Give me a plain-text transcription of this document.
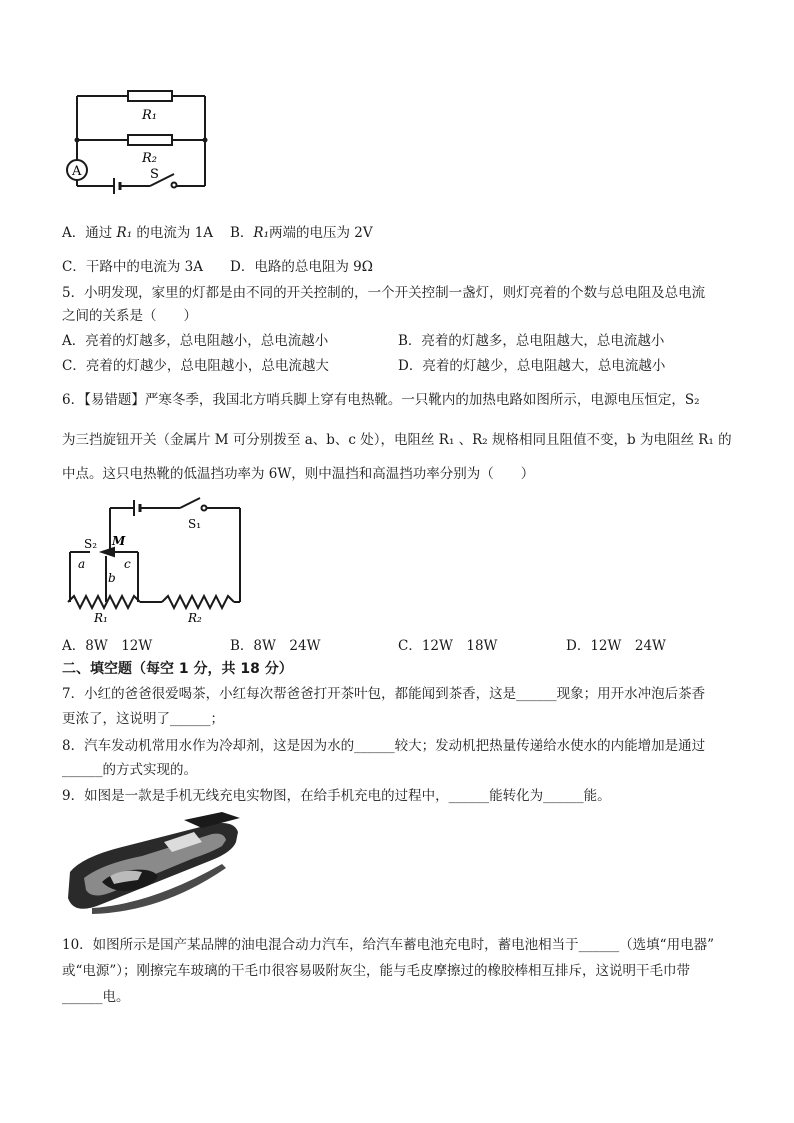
R₁
R₂
A	S
A．通过 R₁ 的电流为 1A B．R₁两端的电压为 2V
C．干路中的电流为 3A D．电路的总电阻为 9Ω
5．小明发现，家里的灯都是由不同的开关控制的，一个开关控制一盏灯，则灯亮着的个数与总电阻及总电流
之间的关系是（　　）
A．亮着的灯越多，总电阻越小，总电流越小	B．亮着的灯越多，总电阻越大，总电流越小
C．亮着的灯越少，总电阻越小，总电流越大	D．亮着的灯越少，总电阻越大，总电流越小
6．【易错题】严寒冬季，我国北方哨兵脚上穿有电热靴。一只靴内的加热电路如图所示，电源电压恒定，S₂
为三挡旋钮开关（金属片 M 可分别拨至 a、b、c 处），电阻丝 R₁ 、R₂ 规格相同且阻值不变，b 为电阻丝 R₁ 的
中点。这只电热靴的低温挡功率为 6W，则中温挡和高温挡功率分别为（　　）
S₁
S₂ M
a
b
c
R₁	R₂
A．8W　12W	B．8W　24W	C．12W　18W	D．12W　24W
二、填空题（每空 1 分，共 18 分）
7．小红的爸爸很爱喝茶，小红每次帮爸爸打开茶叶包，都能闻到茶香，这是______现象；用开水冲泡后茶香
更浓了，这说明了______；
8．汽车发动机常用水作为冷却剂，这是因为水的______较大；发动机把热量传递给水使水的内能增加是通过
______的方式实现的。
9．如图是一款是手机无线充电实物图，在给手机充电的过程中，______能转化为______能。
10．如图所示是国产某品牌的油电混合动力汽车，给汽车蓄电池充电时，蓄电池相当于______（选填“用电器”
或“电源”）；刚擦完车玻璃的干毛巾很容易吸附灰尘，能与毛皮摩擦过的橡胶棒相互排斥，这说明干毛巾带
______电。
